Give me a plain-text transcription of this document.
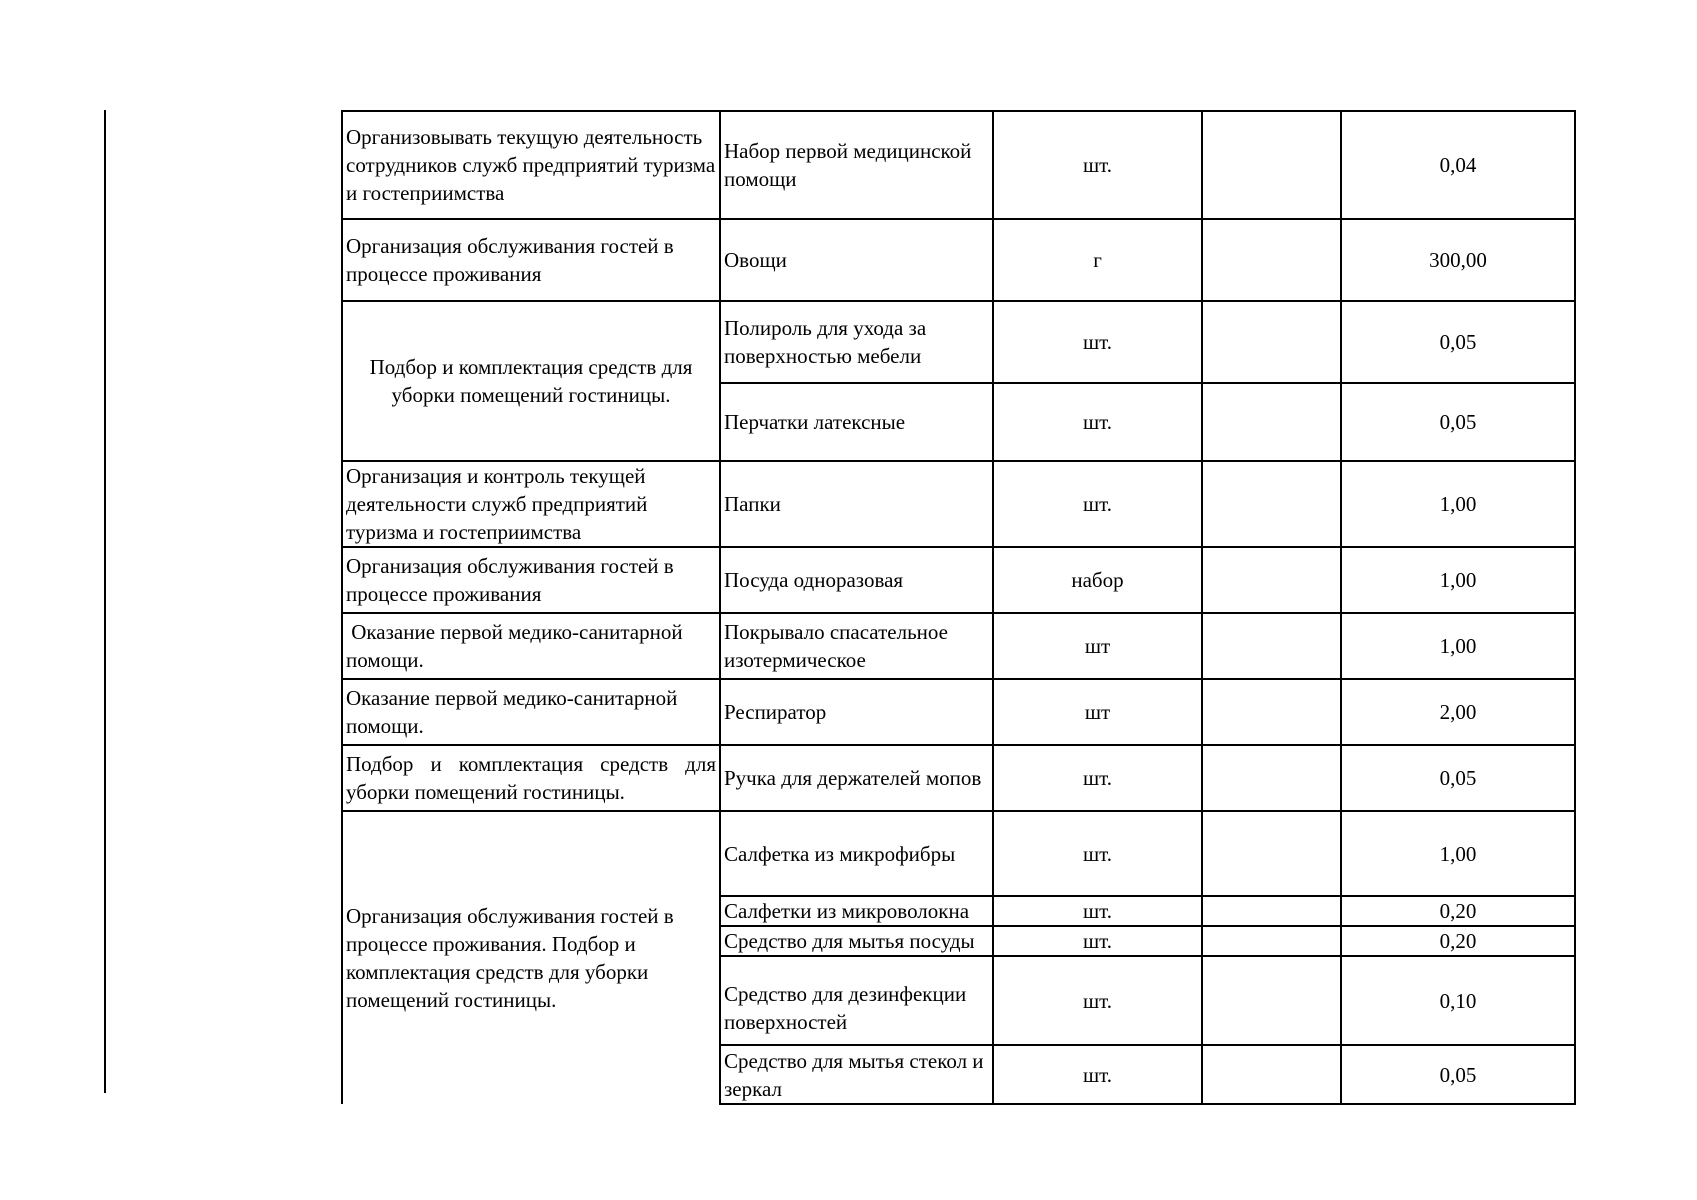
Организовывать текущую деятельность сотрудников служб предприятий туризма и гостеприимства	Набор первой медицинской помощи	шт.		0,04

Организация обслуживания гостей в процессе проживания	Овощи	г		300,00

Подбор и комплектация средств для уборки помещений гостиницы.	Полироль для ухода за поверхностью мебели	шт.		0,05

	Перчатки латексные	шт.		0,05

Организация и контроль текущей деятельности служб предприятий туризма и гостеприимства	Папки	шт.		1,00

Организация обслуживания гостей в процессе проживания	Посуда одноразовая	набор		1,00

Оказание первой медико-санитарной помощи.	Покрывало спасательное изотермическое	шт		1,00

Оказание первой медико-санитарной помощи.	Респиратор	шт		2,00

Подбор и комплектация средств для уборки помещений гостиницы.	Ручка для держателей мопов	шт.		0,05

Организация обслуживания гостей в процессе проживания. Подбор и комплектация средств для уборки помещений гостиницы.	Салфетка из микрофибры	шт.		1,00

	Салфетки из микроволокна	шт.		0,20

	Средство для мытья посуды	шт.		0,20

	Средство для дезинфекции поверхностей	шт.		0,10

	Средство для мытья стекол и зеркал	шт.		0,05
